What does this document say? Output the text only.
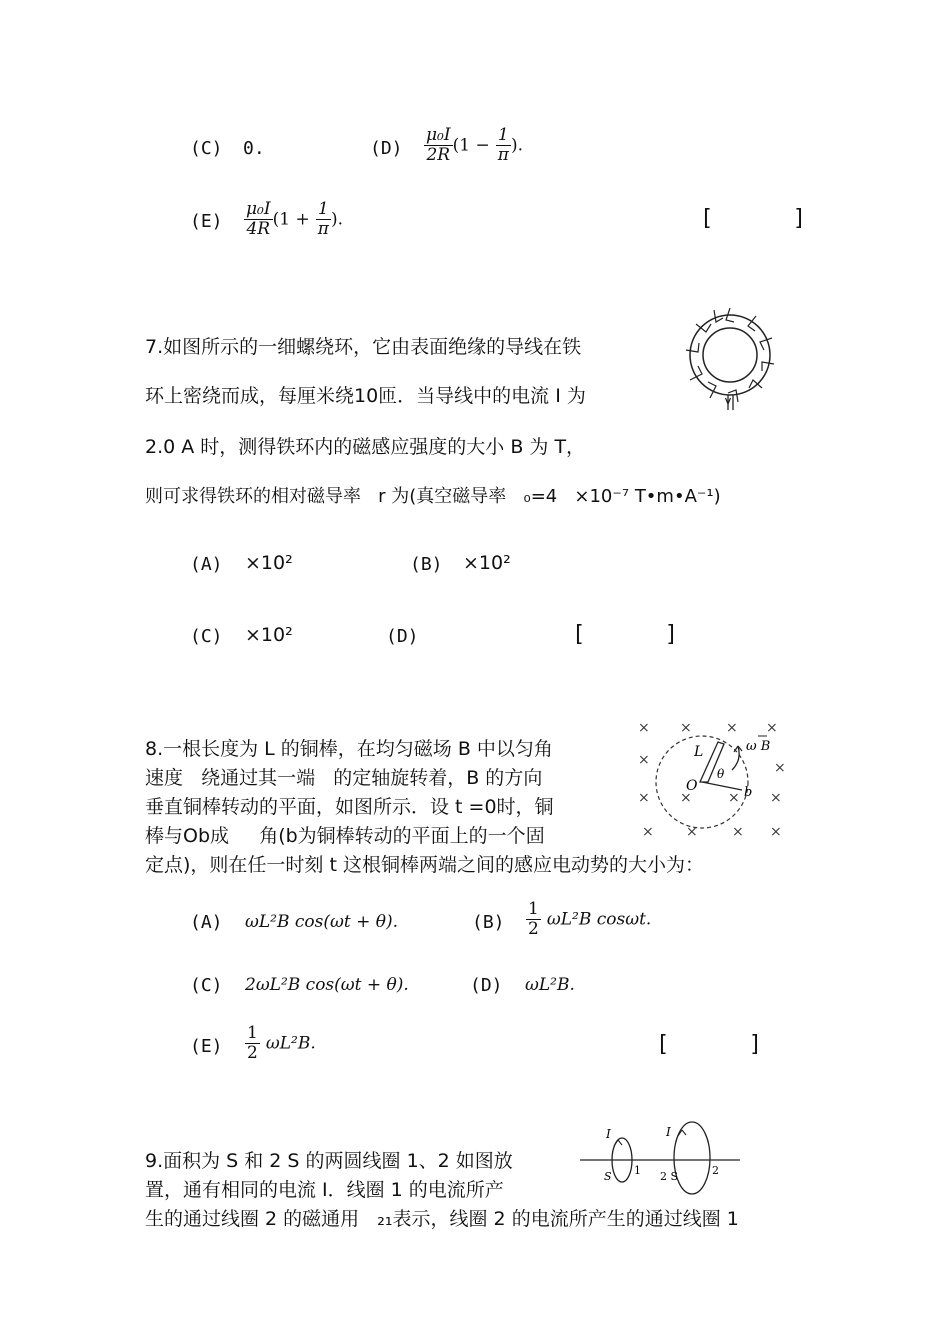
(C) 0.	$(D) \frac{\text{μ₀I}}{2R} (1 - \frac{1}{\pi}$ ).
$(E) \frac{\text{μ₀I}}{4R} (1 + \frac{1}{\pi}$ ).	[      ]
7.如图所示的一细螺绕环，它由表面绝缘的导线在铁
环上密绕而成，每厘米绕10匝．当导线中的电流 I 为
2.0 A 时，测得铁环内的磁感应强度的大小 B 为 T，
则可求得铁环的相对磁导率   r 为(真空磁导率   ₀=4   ×10⁻⁷ T•m•A⁻¹)
(A) ×10²	(B) ×10²
(C) ×10²	(D)	[      ]
8.一根长度为 L 的铜棒，在均匀磁场 B 中以匀角
速度   绕通过其一端   的定轴旋转着，B 的方向
垂直铜棒转动的平面，如图所示．设 t =0时，铜
棒与Ob成     角(b为铜棒转动的平面上的一个固
定点)，则在任一时刻 t 这根铜棒两端之间的感应电动势的大小为：
× × × ×
×	×
× ×	× ×
× × × ×
L	ω B
θ
O	b
(A) ωL²B cos(ωt + θ).	$(B) \frac{1}{2} \omega L^2B$ cosωt.
(C) 2ωL²B cos(ωt + θ).	(D) ωL²B.
$(E) \frac{1}{2} \omega L^2B$.	[      ]
9.面积为 S 和 2 S 的两圆线圈 1、2 如图放
置，通有相同的电流 I．线圈 1 的电流所产
生的通过线圈 2 的磁通用   ₂₁表示，线圈 2 的电流所产生的通过线圈 1
I	I
S 1 2 S	2
